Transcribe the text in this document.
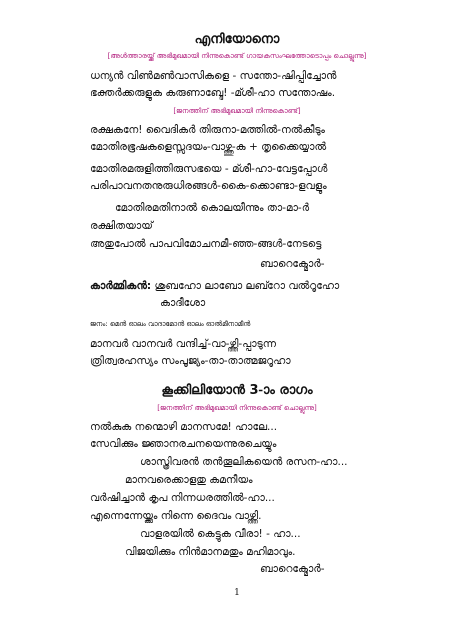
എനിയോനൊ
[അൾത്താരയ്ക്ക് അഭിമുഖമായി നിന്നുകൊണ്ട് ഗായകസംഘത്തോടൊപ്പം ചൊല്ലുന്നു]
ധന്യൻ വിൺമൺവാസികളെ - സന്തോ-ഷിപ്പിച്ചോൻ
ഭക്തർക്കരുളുക കരുണാബ്ദേ! -മ്ശീ-ഹാ സന്തോഷം.
[ജനത്തിന് അഭിമുഖമായി നിന്നുകൊണ്ട്]
രക്ഷകനേ! വൈദികർ തിരുനാ-മത്തിൽ-നൽകീടും
മോതിരഭൂഷകളെസ്സദയം-വാഴ്ത്തു-ക + തൃക്കൈയ്യാൽ
മോതിരമരുളിത്തിരുസഭയെ - മ്ശീ-ഹാ-വേട്ടപ്പോൾ
പരിപാവനതനുരുധിരങ്ങൾ-കൈ-ക്കൊണ്ടാ-ളവളും
മോതിരമതിനാൽ കൊലയീന്നും താ-മാ-ർ
രക്ഷിതയായ്
അതുപോൽ പാപവിമോചനമീ-ഞ്ഞ-ങ്ങൾ-നേടട്ടെ
ബാറെക്മോർ-
കാർമ്മികൻ: ശുബഹോ ലാബോ ലബ്റോ വൽറൂഹോ
കാദീശോ
ജനം: മെൻ ഓലം വാദാമോൻ ഓലം ഓൽമീനാമീൻ
മാനവർ വാനവർ വന്ദിച്ച്-വാ-ഴ്ത്തി-പ്പാടുന്ന
ത്രിത്വരഹസ്യം സംപൂജ്യം-താ-താത്മജറൂഹാ
കൂക്കിലിയോൻ 3-ാം രാഗം
[ജനത്തിന് അഭിമുഖമായി നിന്നുകൊണ്ട് ചൊല്ലുന്നു]
നൽകുക നന്മൊഴി മാനസമേ! ഹാലേ...
സേവിക്കും ജ്ഞാനരചനയെന്നുരചെയ്യും
ശാസ്ത്രിവരൻ തൻതൂലികയെൻ രസന-ഹാ...
മാനവരെക്കാളതു കമനീയം
വർഷിച്ചാൻ കൃപ നിന്നധരത്തിൽ-ഹാ...
എന്നെന്നേയ്ക്കും നിന്നെ ദൈവം വാഴ്ത്തി.
വാളരയിൽ കെട്ടുക വീരാ! - ഹാ...
വിജയിക്കും നിൻമാനമതും മഹിമാവും.
ബാറെക്മോർ-
1
